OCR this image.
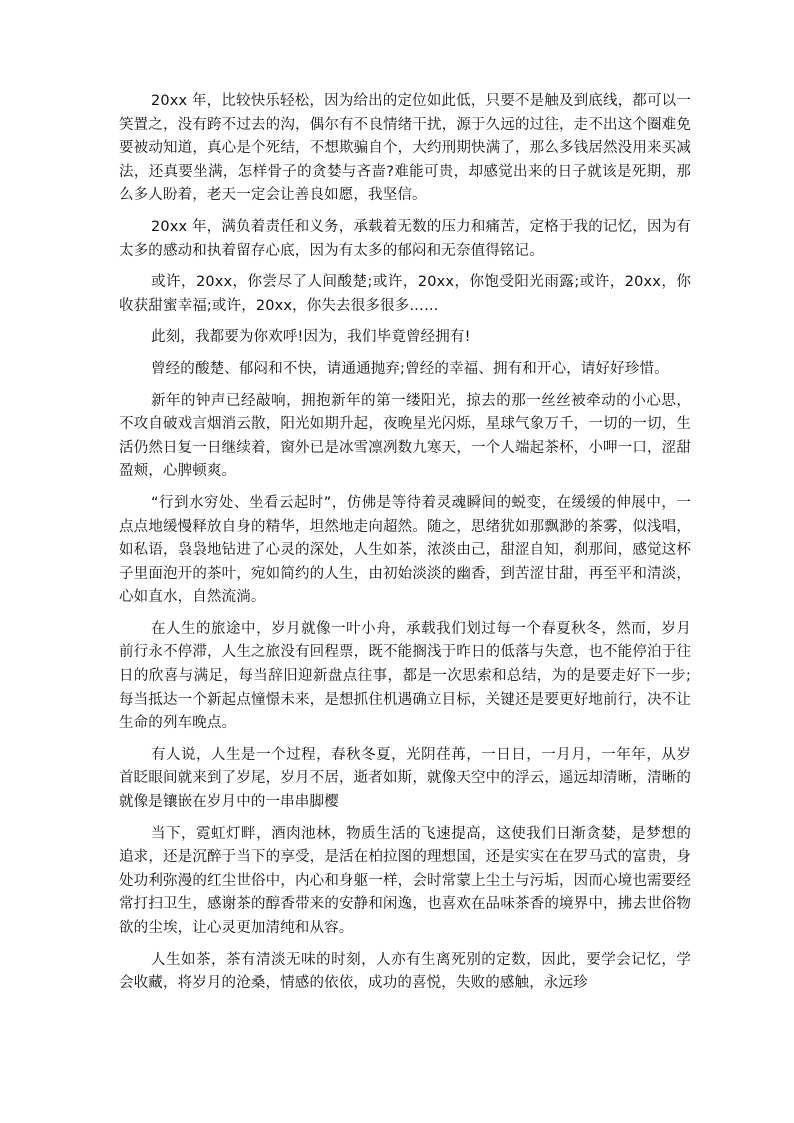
20xx 年，比较快乐轻松，因为给出的定位如此低，只要不是触及到底线，都可以一笑置之，没有跨不过去的沟，偶尔有不良情绪干扰，源于久远的过往，走不出这个圈难免要被动知道，真心是个死结，不想欺骗自个，大约刑期快满了，那么多钱居然没用来买减法，还真要坐满，怎样骨子的贪婪与吝啬?难能可贵，却感觉出来的日子就该是死期，那么多人盼着，老天一定会让善良如愿，我坚信。

20xx 年，满负着责任和义务，承载着无数的压力和痛苦，定格于我的记忆，因为有太多的感动和执着留存心底，因为有太多的郁闷和无奈值得铭记。

或许，20xx，你尝尽了人间酸楚;或许，20xx，你饱受阳光雨露;或许，20xx，你收获甜蜜幸福;或许，20xx，你失去很多很多……

此刻，我都要为你欢呼!因为，我们毕竟曾经拥有!

曾经的酸楚、郁闷和不快，请通通抛弃;曾经的幸福、拥有和开心，请好好珍惜。

新年的钟声已经敲响，拥抱新年的第一缕阳光，掠去的那一丝丝被牵动的小心思，不攻自破戏言烟消云散，阳光如期升起，夜晚星光闪烁，星球气象万千，一切的一切，生活仍然日复一日继续着，窗外已是冰雪凛冽数九寒天，一个人端起茶杯，小呷一口，涩甜盈颊，心脾顿爽。

“行到水穷处、坐看云起时”，仿佛是等待着灵魂瞬间的蜕变，在缓缓的伸展中，一点点地缓慢释放自身的精华，坦然地走向超然。随之，思绪犹如那飘渺的茶雾，似浅唱，如私语，袅袅地钻进了心灵的深处，人生如茶，浓淡由己，甜涩自知，刹那间，感觉这杯子里面泡开的茶叶，宛如简约的人生，由初始淡淡的幽香，到苦涩甘甜，再至平和清淡，心如直水，自然流淌。

在人生的旅途中，岁月就像一叶小舟，承载我们划过每一个春夏秋冬，然而，岁月前行永不停滞，人生之旅没有回程票，既不能搁浅于昨日的低落与失意，也不能停泊于往日的欣喜与满足，每当辞旧迎新盘点往事，都是一次思索和总结，为的是要走好下一步;每当抵达一个新起点憧憬未来，是想抓住机遇确立目标，关键还是要更好地前行，决不让生命的列车晚点。

有人说，人生是一个过程，春秋冬夏，光阴荏苒，一日日，一月月，一年年，从岁首眨眼间就来到了岁尾，岁月不居，逝者如斯，就像天空中的浮云，遥远却清晰，清晰的就像是镶嵌在岁月中的一串串脚樱

当下，霓虹灯畔，酒肉池林，物质生活的飞速提高，这使我们日渐贪婪，是梦想的追求，还是沉醉于当下的享受，是活在柏拉图的理想国，还是实实在在罗马式的富贵，身处功利弥漫的红尘世俗中，内心和身躯一样，会时常蒙上尘土与污垢，因而心境也需要经常打扫卫生，感谢茶的醇香带来的安静和闲逸，也喜欢在品味茶香的境界中，拂去世俗物欲的尘埃，让心灵更加清纯和从容。

人生如茶，茶有清淡无味的时刻，人亦有生离死别的定数，因此，要学会记忆，学会收藏，将岁月的沧桑，情感的依依，成功的喜悦，失败的感触，永远珍
